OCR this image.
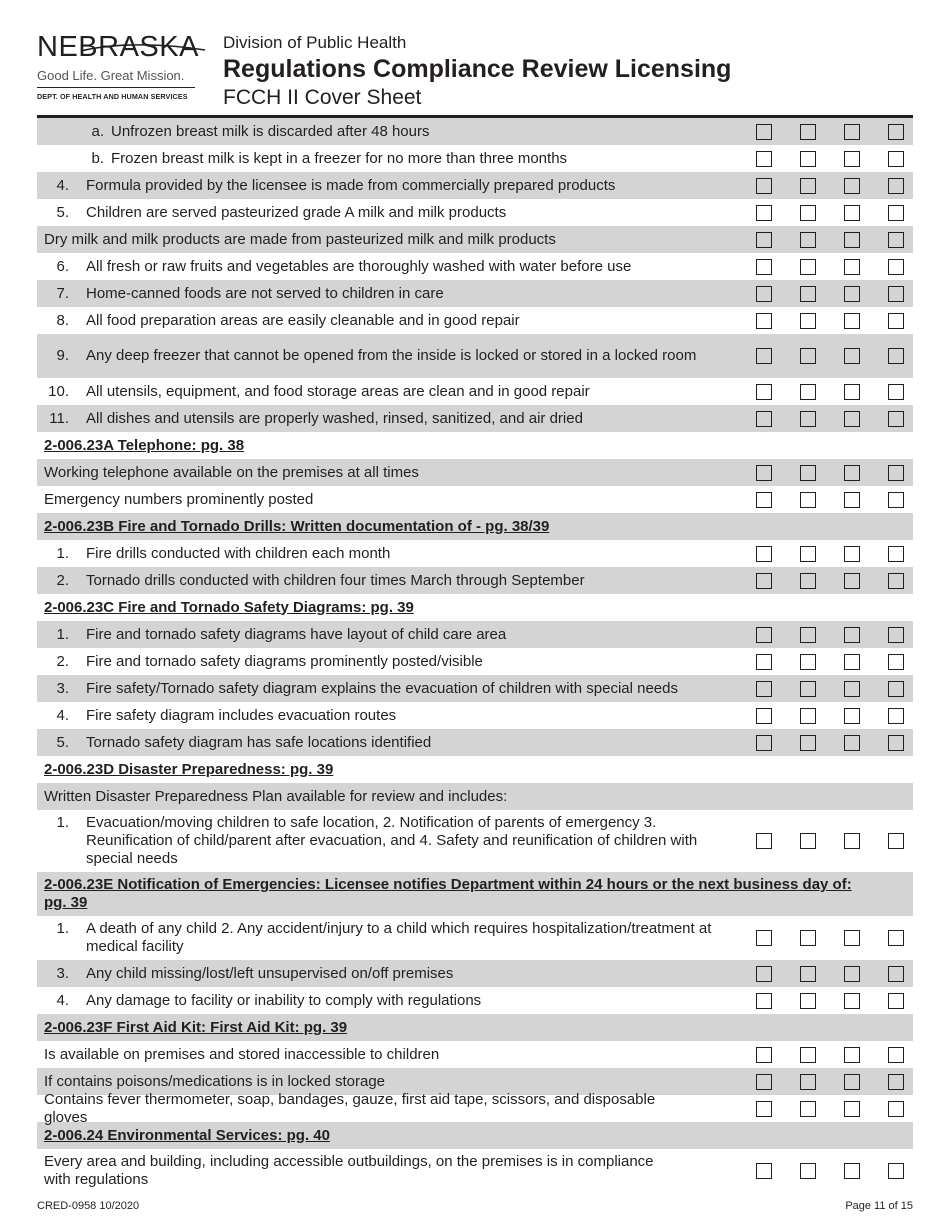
NEBRASKA
Good Life. Great Mission.
DEPT. OF HEALTH AND HUMAN SERVICES
Division of Public Health
Regulations Compliance Review Licensing
FCCH II Cover Sheet
a. Unfrozen breast milk is discarded after 48 hours
b. Frozen breast milk is kept in a freezer for no more than three months
4. Formula provided by the licensee is made from commercially prepared products
5. Children are served pasteurized grade A milk and milk products
Dry milk and milk products are made from pasteurized milk and milk products
6. All fresh or raw fruits and vegetables are thoroughly washed with water before use
7. Home-canned foods are not served to children in care
8. All food preparation areas are easily cleanable and in good repair
9. Any deep freezer that cannot be opened from the inside is locked or stored in a locked room
10. All utensils, equipment, and food storage areas are clean and in good repair
11. All dishes and utensils are properly washed, rinsed, sanitized, and air dried
2-006.23A Telephone: pg. 38
Working telephone available on the premises at all times
Emergency numbers prominently posted
2-006.23B Fire and Tornado Drills: Written documentation of - pg. 38/39
1. Fire drills conducted with children each month
2. Tornado drills conducted with children four times March through September
2-006.23C Fire and Tornado Safety Diagrams: pg. 39
1. Fire and tornado safety diagrams have layout of child care area
2. Fire and tornado safety diagrams prominently posted/visible
3. Fire safety/Tornado safety diagram explains the evacuation of children with special needs
4. Fire safety diagram includes evacuation routes
5. Tornado safety diagram has safe locations identified
2-006.23D Disaster Preparedness: pg. 39
Written Disaster Preparedness Plan available for review and includes:
1. Evacuation/moving children to safe location, 2. Notification of parents of emergency 3. Reunification of child/parent after evacuation, and 4. Safety and reunification of children with special needs
2-006.23E Notification of Emergencies: Licensee notifies Department within 24 hours or the next business day of: pg. 39
1. A death of any child 2. Any accident/injury to a child which requires hospitalization/treatment at medical facility
3. Any child missing/lost/left unsupervised on/off premises
4. Any damage to facility or inability to comply with regulations
2-006.23F First Aid Kit: First Aid Kit: pg. 39
Is available on premises and stored inaccessible to children
If contains poisons/medications is in locked storage
Contains fever thermometer, soap, bandages, gauze, first aid tape, scissors, and disposable gloves
2-006.24 Environmental Services: pg. 40
Every area and building, including accessible outbuildings, on the premises is in compliance with regulations
CRED-0958 10/2020	Page 11 of 15
